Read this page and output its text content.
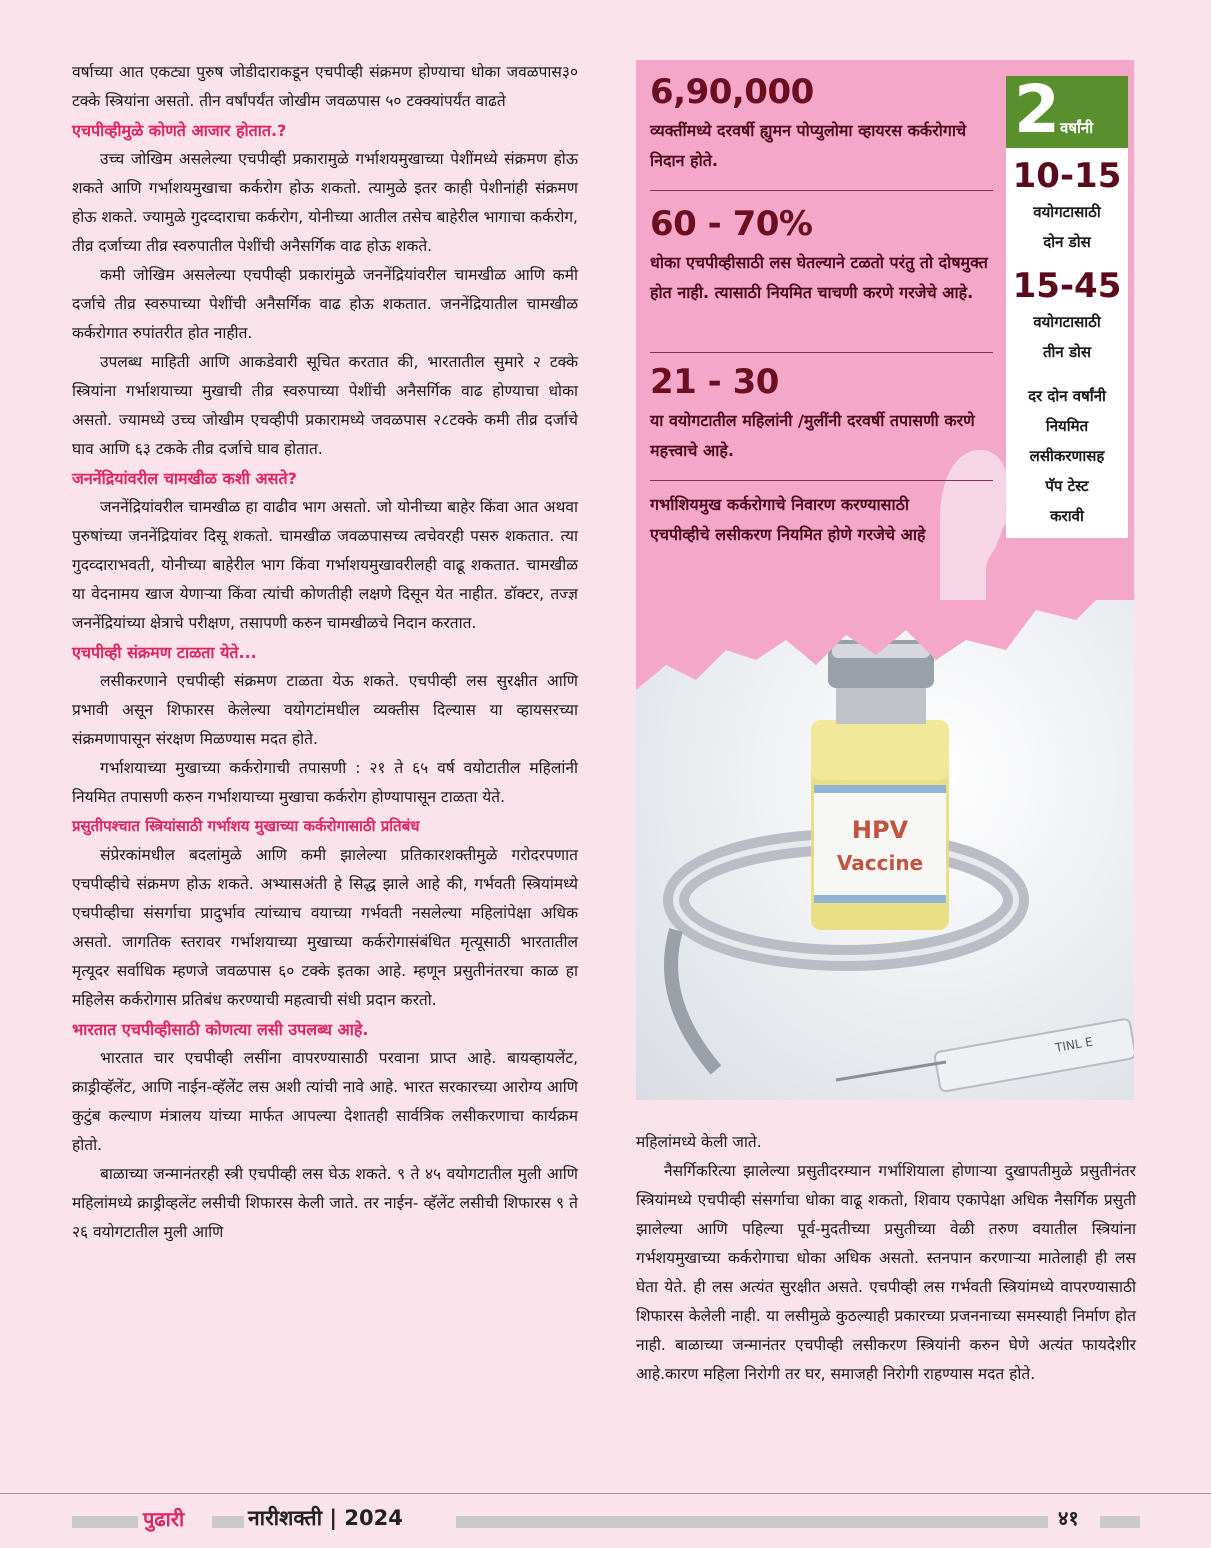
वर्षाच्या आत एकट्या पुरुष जोडीदाराकडून एचपीव्ही संक्रमण होण्याचा धोका जवळपास३० टक्के स्त्रियांना असतो. तीन वर्षांपर्यंत जोखीम जवळपास ५० टक्क्यांपर्यंत वाढते

एचपीव्हीमुळे कोणते आजार होतात.?

उच्च जोखिम असलेल्या एचपीव्ही प्रकारामुळे गर्भाशयमुखाच्या पेशींमध्ये संक्रमण होऊ शकते आणि गर्भाशयमुखाचा कर्करोग होऊ शकतो. त्यामुळे इतर काही पेशीनांही संक्रमण होऊ शकते. ज्यामुळे गुदव्दाराचा कर्करोग, योनीच्या आतील तसेच बाहेरील भागाचा कर्करोग, तीव्र दर्जाच्या तीव्र स्वरुपातील पेशींची अनैसर्गिक वाढ होऊ शकते.

कमी जोखिम असलेल्या एचपीव्ही प्रकारांमुळे जननेंद्रियांवरील चामखीळ आणि कमी दर्जाचे तीव्र स्वरुपाच्या पेशींची अनैसर्गिक वाढ होऊ शकतात. जननेंद्रियातील चामखीळ कर्करोगात रुपांतरीत होत नाहीत.

उपलब्ध माहिती आणि आकडेवारी सूचित करतात की, भारतातील सुमारे २ टक्के स्त्रियांना गर्भाशयाच्या मुखाची तीव्र स्वरुपाच्या पेशींची अनैसर्गिक वाढ होण्याचा धोका असतो. ज्यामध्ये उच्च जोखीम एचव्हीपी प्रकारामध्ये जवळपास २८टक्के कमी तीव्र दर्जाचे घाव आणि ६३ टकके तीव्र दर्जाचे घाव होतात.

जननेंद्रियांवरील चामखीळ कशी असते?

जननेंद्रियांवरील चामखीळ हा वाढीव भाग असतो. जो योनीच्या बाहेर किंवा आत अथवा पुरुषांच्या जननेंद्रियांवर दिसू शकतो. चामखीळ जवळपासच्य त्वचेवरही पसरु शकतात. त्या गुदव्दाराभवती, योनीच्या बाहेरील भाग किंवा गर्भाशयमुखावरीलही वाढू शकतात. चामखीळ या वेदनामय खाज येणाऱ्या किंवा त्यांची कोणतीही लक्षणे दिसून येत नाहीत. डॉक्टर, तज्ज्ञ जननेंद्रियांच्या क्षेत्राचे परीक्षण, तसापणी करुन चामखीळचे निदान करतात.

एचपीव्ही संक्रमण टाळता येते...

लसीकरणाने एचपीव्ही संक्रमण टाळता येऊ शकते. एचपीव्ही लस सुरक्षीत आणि प्रभावी असून शिफारस केलेल्या वयोगटांमधील व्यक्तीस दिल्यास या व्हायसरच्या संक्रमणापासून संरक्षण मिळण्यास मदत होते.

गर्भाशयाच्या मुखाच्या कर्करोगाची तपासणी : २१ ते ६५ वर्ष वयोटातील महिलांनी नियमित तपासणी करुन गर्भाशयाच्या मुखाचा कर्करोग होण्यापासून टाळता येते.

प्रसुतीपश्चात स्त्रियांसाठी गर्भाशय मुखाच्या कर्करोगासाठी प्रतिबंध

संप्रेरकांमधील बदलांमुळे आणि कमी झालेल्या प्रतिकारशक्तीमुळे गरोदरपणात एचपीव्हीचे संक्रमण होऊ शकते. अभ्यासअंती हे सिद्ध झाले आहे की, गर्भवती स्त्रियांमध्ये एचपीव्हीचा संसर्गाचा प्रादुर्भाव त्यांच्याच वयाच्या गर्भवती नसलेल्या महिलांपेक्षा अधिक असतो. जागतिक स्तरावर गर्भाशयाच्या मुखाच्या कर्करोगासंबंधित मृत्यूसाठी भारतातील मृत्यूदर सर्वाधिक म्हणजे जवळपास ६० टक्के इतका आहे. म्हणून प्रसुतीनंतरचा काळ हा महिलेस कर्करोगास प्रतिबंध करण्याची महत्वाची संधी प्रदान करतो.

भारतात एचपीव्हीसाठी कोणत्या लसी उपलब्ध आहे.

भारतात चार एचपीव्ही लसींना वापरण्यासाठी परवाना प्राप्त आहे. बायव्हायलेंट, क्राड्रीव्हॅलेंट, आणि नाईन-व्हॅलेंट लस अशी त्यांची नावे आहे. भारत सरकारच्या आरोग्य आणि कुटुंब कल्याण मंत्रालय यांच्या मार्फत आपल्या देशातही सार्वत्रिक लसीकरणाचा कार्यक्रम होतो.

बाळाच्या जन्मानंतरही स्त्री एचपीव्ही लस घेऊ शकते. ९ ते ४५ वयोगटातील मुली आणि महिलांमध्ये क्राड्रीव्हलेंट लसीची शिफारस केली जाते. तर नाईन- व्हॅलेंट लसीची शिफारस ९ ते २६ वयोगटातील मुली आणि

HPV
Vaccine
TINL E
6,90,000
व्यक्तींमध्ये दरवर्षी ह्युमन पोप्युलोमा व्हायरस कर्करोगाचे निदान होते.
60 - 70%
धोका एचपीव्हीसाठी लस घेतल्याने टळतो परंतु तो दोषमुक्त होत नाही. त्यासाठी नियमित चाचणी करणे गरजेचे आहे.
21 - 30
या वयोगटातील महिलांनी /मुलींनी दरवर्षी तपासणी करणे महत्त्वाचे आहे.
गर्भाशियमुख कर्करोगाचे निवारण करण्यासाठी एचपीव्हीचे लसीकरण नियमित होणे गरजेचे आहे
2 वर्षांनी
10-15
वयोगटासाठी
दोन डोस
15-45
वयोगटासाठी
तीन डोस
दर दोन वर्षांनी
नियमित
लसीकरणासह
पॅप टेस्ट
करावी

महिलांमध्ये केली जाते.

नैसर्गिकरित्या झालेल्या प्रसुतीदरम्यान गर्भाशियाला होणाऱ्या दुखापतीमुळे प्रसुतीनंतर स्त्रियांमध्ये एचपीव्ही संसर्गाचा धोका वाढू शकतो, शिवाय एकापेक्षा अधिक नैसर्गिक प्रसुती झालेल्या आणि पहिल्या पूर्व-मुदतीच्या प्रसुतीच्या वेळी तरुण वयातील स्त्रियांना गर्भशयमुखाच्या कर्करोगाचा धोका अधिक असतो. स्तनपान करणाऱ्या मातेलाही ही लस घेता येते. ही लस अत्यंत सुरक्षीत असते. एचपीव्ही लस गर्भवती स्त्रियांमध्ये वापरण्यासाठी शिफारस केलेली नाही. या लसीमुळे कुठल्याही प्रकारच्या प्रजननाच्या समस्याही निर्माण होत नाही. बाळाच्या जन्मानंतर एचपीव्ही लसीकरण स्त्रियांनी करुन घेणे अत्यंत फायदेशीर आहे.कारण महिला निरोगी तर घर, समाजही निरोगी राहण्यास मदत होते.

पुढारी	नारीशक्ती | 2024	४१
